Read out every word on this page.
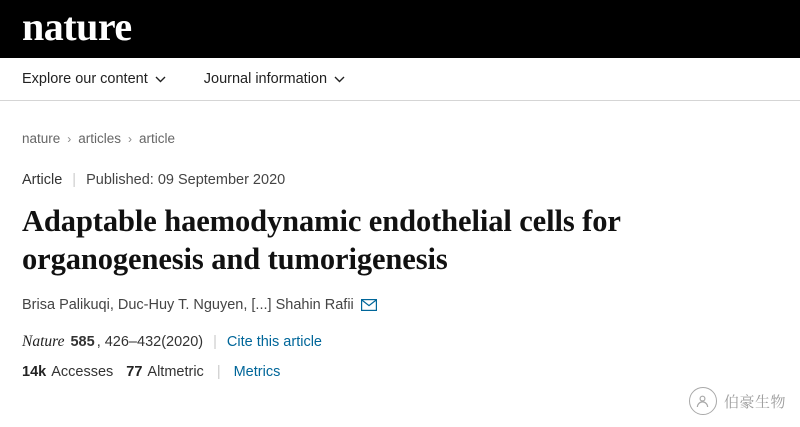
nature
Explore our content	Journal information
nature › articles › article
Article | Published: 09 September 2020
Adaptable haemodynamic endothelial cells for organogenesis and tumorigenesis
Brisa Palikuqi, Duc-Huy T. Nguyen, [...] Shahin Rafii
Nature 585 , 426–432(2020) | Cite this article
14k Accesses 77 Altmetric | Metrics
伯豪生物
